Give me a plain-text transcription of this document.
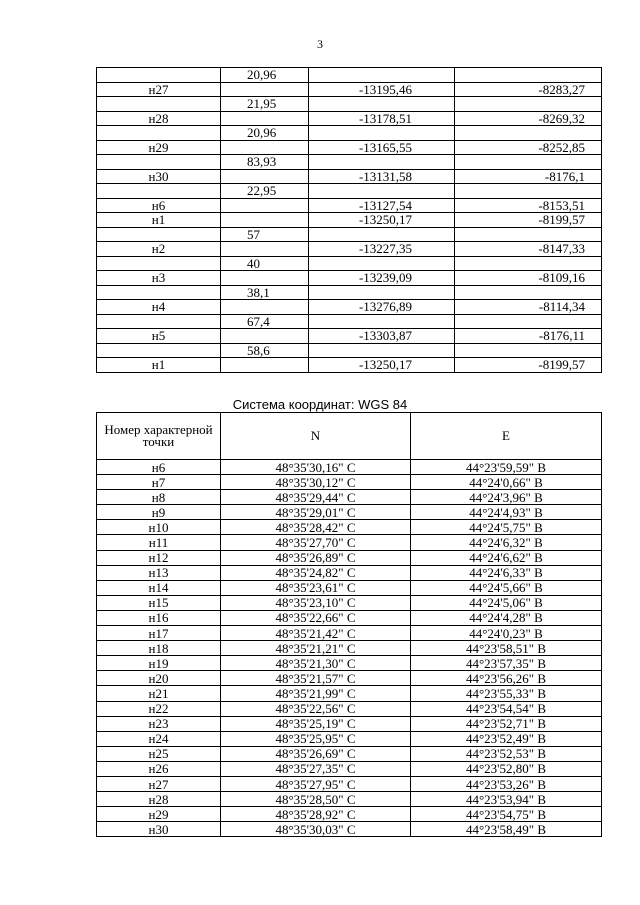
3
	20,96		
н27		-13195,46	-8283,27
	21,95		
н28		-13178,51	-8269,32
	20,96		
н29		-13165,55	-8252,85
	83,93		
н30		-13131,58	-8176,1
	22,95		
н6		-13127,54	-8153,51
н1		-13250,17	-8199,57
	57		
н2		-13227,35	-8147,33
	40		
н3		-13239,09	-8109,16
	38,1		
н4		-13276,89	-8114,34
	67,4		
н5		-13303,87	-8176,11
	58,6		
н1		-13250,17	-8199,57
Система координат: WGS 84
Номер характерной точки	N	E
н6	48°35'30,16" С	44°23'59,59" В
н7	48°35'30,12" С	44°24'0,66" В
н8	48°35'29,44" С	44°24'3,96" В
н9	48°35'29,01" С	44°24'4,93" В
н10	48°35'28,42" С	44°24'5,75" В
н11	48°35'27,70" С	44°24'6,32" В
н12	48°35'26,89" С	44°24'6,62" В
н13	48°35'24,82" С	44°24'6,33" В
н14	48°35'23,61" С	44°24'5,66" В
н15	48°35'23,10" С	44°24'5,06" В
н16	48°35'22,66" С	44°24'4,28" В
н17	48°35'21,42" С	44°24'0,23" В
н18	48°35'21,21" С	44°23'58,51" В
н19	48°35'21,30" С	44°23'57,35" В
н20	48°35'21,57" С	44°23'56,26" В
н21	48°35'21,99" С	44°23'55,33" В
н22	48°35'22,56" С	44°23'54,54" В
н23	48°35'25,19" С	44°23'52,71" В
н24	48°35'25,95" С	44°23'52,49" В
н25	48°35'26,69" С	44°23'52,53" В
н26	48°35'27,35" С	44°23'52,80" В
н27	48°35'27,95" С	44°23'53,26" В
н28	48°35'28,50" С	44°23'53,94" В
н29	48°35'28,92" С	44°23'54,75" В
н30	48°35'30,03" С	44°23'58,49" В
